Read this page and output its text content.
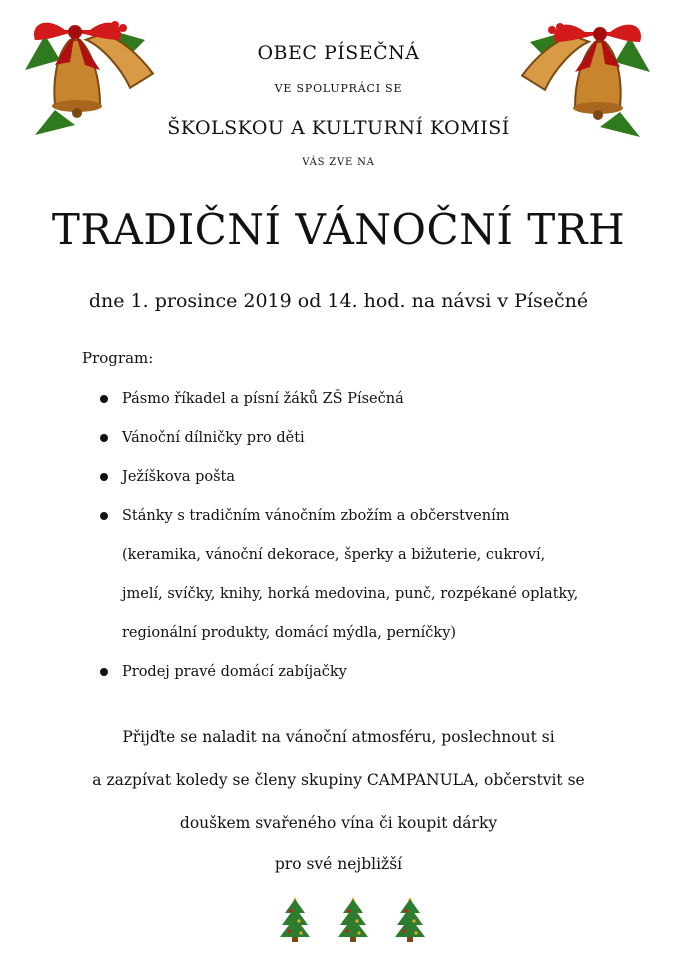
OBEC PÍSEČNÁ
VE SPOLUPRÁCI SE
ŠKOLSKOU A KULTURNÍ KOMISÍ
VÁS ZVE NA
TRADIČNÍ VÁNOČNÍ TRH
dne 1. prosince 2019 od 14. hod. na návsi v Písečné
Program:
Pásmo říkadel a písní žáků ZŠ Písečná
Vánoční dílničky pro děti
Ježíškova pošta
Stánky s tradičním vánočním zbožím a občerstvením (keramika, vánoční dekorace, šperky a bižuterie, cukroví, jmelí, svíčky, knihy, horká medovina, punč, rozpékané oplatky, regionální produkty, domácí mýdla, perníčky)
Prodej pravé domácí zabíjačky
Přijďte se naladit na vánoční atmosféru, poslechnout si
a zazpívat koledy se členy skupiny CAMPANULA, občerstvit se
douškem svařeného vína či koupit dárky
pro své nejbližší
